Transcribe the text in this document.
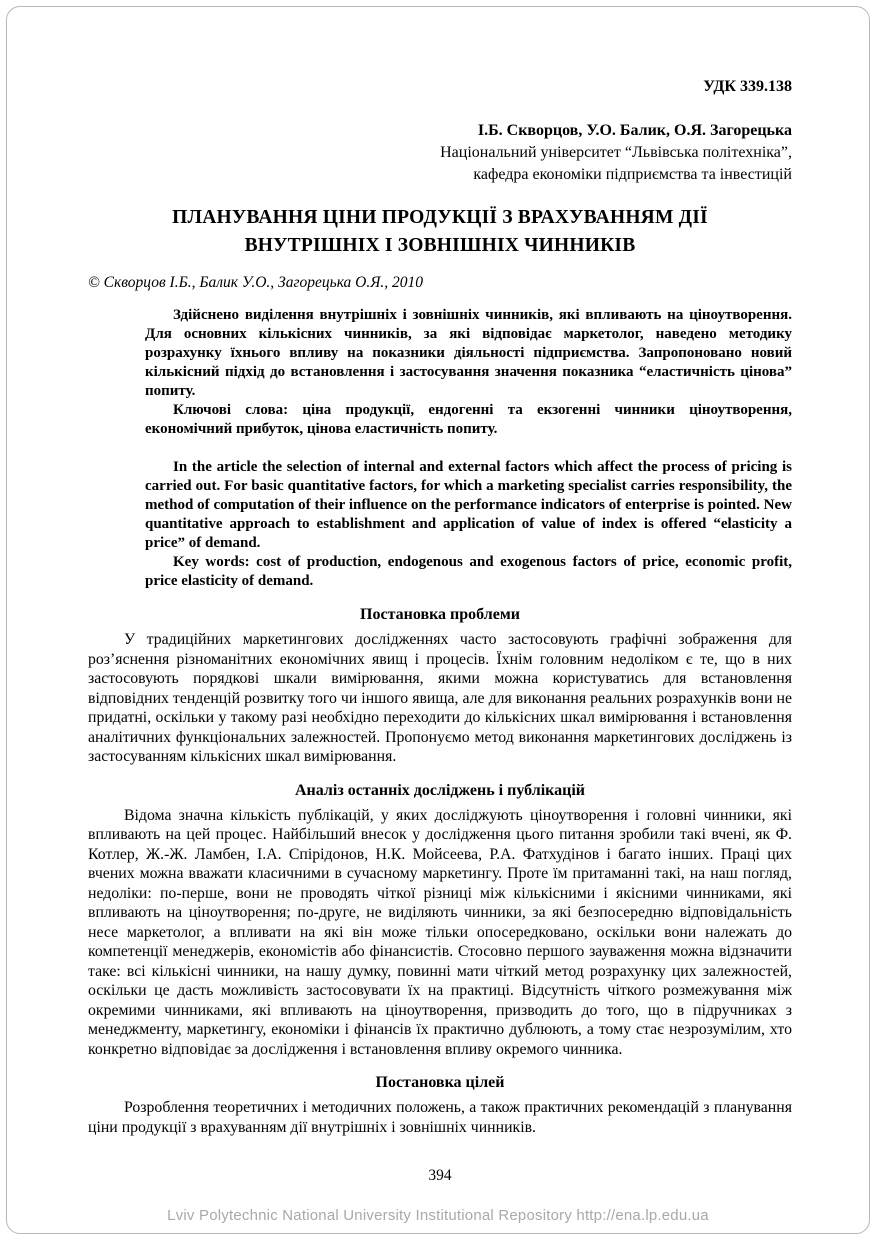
УДК 339.138
І.Б. Скворцов, У.О. Балик, О.Я. Загорецька
Національний університет “Львівська політехніка”,
кафедра економіки підприємства та інвестицій
ПЛАНУВАННЯ ЦІНИ ПРОДУКЦІЇ З ВРАХУВАННЯМ ДІЇ
ВНУТРІШНІХ І ЗОВНІШНІХ ЧИННИКІВ
© Скворцов І.Б., Балик У.О., Загорецька О.Я., 2010

Здійснено виділення внутрішніх і зовнішніх чинників, які впливають на ціноутворення. Для основних кількісних чинників, за які відповідає маркетолог, наведено методику розрахунку їхнього впливу на показники діяльності підприємства. Запропоновано новий кількісний підхід до встановлення і застосування значення показника “еластичність цінова” попиту.

Ключові слова: ціна продукції, ендогенні та екзогенні чинники ціноутворення, економічний прибуток, цінова еластичність попиту.

In the article the selection of internal and external factors which affect the process of pricing is carried out. For basic quantitative factors, for which a marketing specialist carries responsibility, the method of computation of their influence on the performance indicators of enterprise is pointed. New quantitative approach to establishment and application of value of index is offered “elasticity a price” of demand.

Key words: cost of production, endogenous and exogenous factors of price, economic profit, price elasticity of demand.

Постановка проблеми

У традиційних маркетингових дослідженнях часто застосовують графічні зображення для роз’яснення різноманітних економічних явищ і процесів. Їхнім головним недоліком є те, що в них застосовують порядкові шкали вимірювання, якими можна користуватись для встановлення відповідних тенденцій розвитку того чи іншого явища, але для виконання реальних розрахунків вони не придатні, оскільки у такому разі необхідно переходити до кількісних шкал вимірювання і встановлення аналітичних функціональних залежностей. Пропонуємо метод виконання маркетингових досліджень із застосуванням кількісних шкал вимірювання.

Аналіз останніх досліджень і публікацій

Відома значна кількість публікацій, у яких досліджують ціноутворення і головні чинники, які впливають на цей процес. Найбільший внесок у дослідження цього питання зробили такі вчені, як Ф. Котлер, Ж.-Ж. Ламбен, І.А. Спірідонов, Н.К. Мойсеева, Р.А. Фатхудінов і багато інших. Праці цих вчених можна вважати класичними в сучасному маркетингу. Проте їм притаманні такі, на наш погляд, недоліки: по-перше, вони не проводять чіткої різниці між кількісними і якісними чинниками, які впливають на ціноутворення; по-друге, не виділяють чинники, за які безпосередню відповідальність несе маркетолог, а впливати на які він може тільки опосередковано, оскільки вони належать до компетенції менеджерів, економістів або фінансистів. Стосовно першого зауваження можна відзначити таке: всі кількісні чинники, на нашу думку, повинні мати чіткий метод розрахунку цих залежностей, оскільки це дасть можливість застосовувати їх на практиці. Відсутність чіткого розмежування між окремими чинниками, які впливають на ціноутворення, призводить до того, що в підручниках з менеджменту, маркетингу, економіки і фінансів їх практично дублюють, а тому стає незрозумілим, хто конкретно відповідає за дослідження і встановлення впливу окремого чинника.

Постановка цілей

Розроблення теоретичних і методичних положень, а також практичних рекомендацій з планування ціни продукції з врахуванням дії внутрішніх і зовнішніх чинників.

394
Lviv Polytechnic National University Institutional Repository http://ena.lp.edu.ua
